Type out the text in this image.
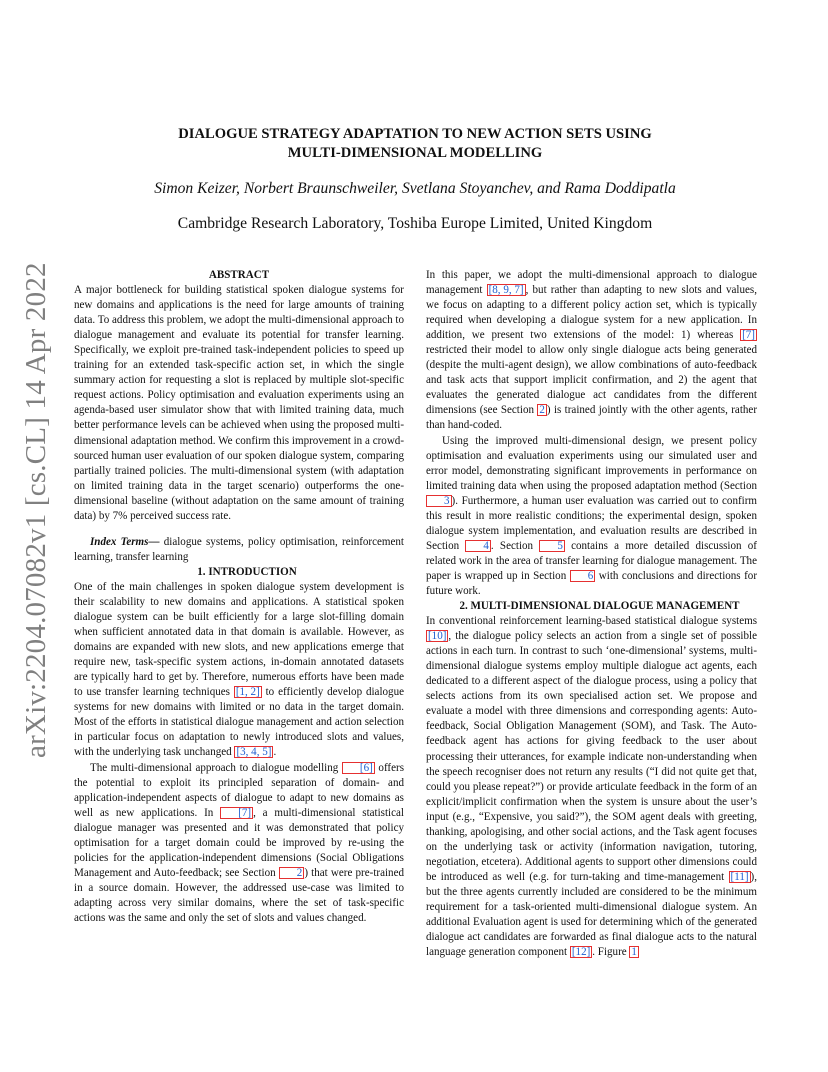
arXiv:2204.07082v1 [cs.CL] 14 Apr 2022
DIALOGUE STRATEGY ADAPTATION TO NEW ACTION SETS USING
MULTI-DIMENSIONAL MODELLING
Simon Keizer, Norbert Braunschweiler, Svetlana Stoyanchev, and Rama Doddipatla
Cambridge Research Laboratory, Toshiba Europe Limited, United Kingdom

ABSTRACT

A major bottleneck for building statistical spoken dialogue systems for new domains and applications is the need for large amounts of training data. To address this problem, we adopt the multi-dimensional approach to dialogue management and evaluate its potential for transfer learning. Specifically, we exploit pre-trained task-independent policies to speed up training for an extended task-specific action set, in which the single summary action for requesting a slot is replaced by multiple slot-specific request actions. Policy optimisation and evaluation experiments using an agenda-based user simulator show that with limited training data, much better performance levels can be achieved when using the proposed multi-dimensional adaptation method. We confirm this improvement in a crowd-sourced human user evaluation of our spoken dialogue system, comparing partially trained policies. The multi-dimensional system (with adaptation on limited training data in the target scenario) outperforms the one-dimensional baseline (without adaptation on the same amount of training data) by 7% perceived success rate.

Index Terms— dialogue systems, policy optimisation, reinforcement learning, transfer learning

1. INTRODUCTION

One of the main challenges in spoken dialogue system development is their scalability to new domains and applications. A statistical spoken dialogue system can be built efficiently for a large slot-filling domain when sufficient annotated data in that domain is available. However, as domains are expanded with new slots, and new applications emerge that require new, task-specific system actions, in-domain annotated datasets are typically hard to get by. Therefore, numerous efforts have been made to use transfer learning techniques [1, 2] to efficiently develop dialogue systems for new domains with limited or no data in the target domain. Most of the efforts in statistical dialogue management and action selection in particular focus on adaptation to newly introduced slots and values, with the underlying task unchanged [3, 4, 5] .

The multi-dimensional approach to dialogue modelling [6] offers the potential to exploit its principled separation of domain- and application-independent aspects of dialogue to adapt to new domains as well as new applications. In [7] , a multi-dimensional statistical dialogue manager was presented and it was demonstrated that policy optimisation for a target domain could be improved by re-using the policies for the application-independent dimensions (Social Obligations Management and Auto-feedback; see Section 2 ) that were pre-trained in a source domain. However, the addressed use-case was limited to adapting across very similar domains, where the set of task-specific actions was the same and only the set of slots and values changed.

In this paper, we adopt the multi-dimensional approach to dialogue management [8, 9, 7] , but rather than adapting to new slots and values, we focus on adapting to a different policy action set, which is typically required when developing a dialogue system for a new application. In addition, we present two extensions of the model: 1) whereas [7] restricted their model to allow only single dialogue acts being generated (despite the multi-agent design), we allow combinations of auto-feedback and task acts that support implicit confirmation, and 2) the agent that evaluates the generated dialogue act candidates from the different dimensions (see Section 2 ) is trained jointly with the other agents, rather than hand-coded.

Using the improved multi-dimensional design, we present policy optimisation and evaluation experiments using our simulated user and error model, demonstrating significant improvements in performance on limited training data when using the proposed adaptation method (Section 3 ). Furthermore, a human user evaluation was carried out to confirm this result in more realistic conditions; the experimental design, spoken dialogue system implementation, and evaluation results are described in Section 4 . Section 5 contains a more detailed discussion of related work in the area of transfer learning for dialogue management. The paper is wrapped up in Section 6 with conclusions and directions for future work.

2. MULTI-DIMENSIONAL DIALOGUE MANAGEMENT

In conventional reinforcement learning-based statistical dialogue systems [10] , the dialogue policy selects an action from a single set of possible actions in each turn. In contrast to such ‘one-dimensional’ systems, multi-dimensional dialogue systems employ multiple dialogue act agents, each dedicated to a different aspect of the dialogue process, using a policy that selects actions from its own specialised action set. We propose and evaluate a model with three dimensions and corresponding agents: Auto-feedback, Social Obligation Management (SOM), and Task. The Auto-feedback agent has actions for giving feedback to the user about processing their utterances, for example indicate non-understanding when the speech recogniser does not return any results (“I did not quite get that, could you please repeat?”) or provide articulate feedback in the form of an explicit/implicit confirmation when the system is unsure about the user’s input (e.g., “Expensive, you said?”), the SOM agent deals with greeting, thanking, apologising, and other social actions, and the Task agent focuses on the underlying task or activity (information navigation, tutoring, negotiation, etcetera). Additional agents to support other dimensions could be introduced as well (e.g. for turn-taking and time-management [11] ), but the three agents currently included are considered to be the minimum requirement for a task-oriented multi-dimensional dialogue system. An additional Evaluation agent is used for determining which of the generated dialogue act candidates are forwarded as final dialogue acts to the natural language generation component [12] . Figure 1
